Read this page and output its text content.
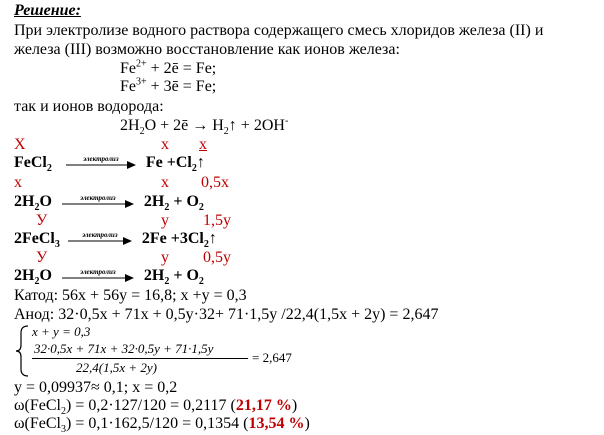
Решение:
При электролизе водного раствора содержащего смесь хлоридов железа (II) и
железа (III) возможно восстановление как ионов железа:
$Fe^{2+}$ + 2ē = Fe;
$Fe^{3+}$ + 3ē = Fe;
так и ионов водорода:
$2H_2O$ + 2ē → $H_2↑ + 2OH^-$
X	x x
FeCl$_2$
электролиз	$Fe +Cl_2↑$
x	x 0,5x
$2H_2O$	электролиз	$2H_2 + O_2$
У	y 1,5y
2FeCl$_3$
электролиз	$2Fe +3Cl_2↑$
У	y 0,5y
$2H_2O$	электролиз	$2H_2 + O_2$
Катод: 56x + 56y = 16,8; x +y = 0,3
Анод: 32·0,5x + 71x + 0,5y·32+ 71·1,5y /22,4(1,5x + 2y) = 2,647
x + y = 0,3
32·0,5x + 71x + 32·0,5y + 71·1,5y
22,4(1,5x + 2y)
= 2,647
y = 0,09937≈ 0,1; x = 0,2
ω(FeCl$_2$) = 0,2·127/120 = 0,2117 (21,17 %)
ω(FeCl$_3$) = 0,1·162,5/120 = 0,1354 (13,54 %)
